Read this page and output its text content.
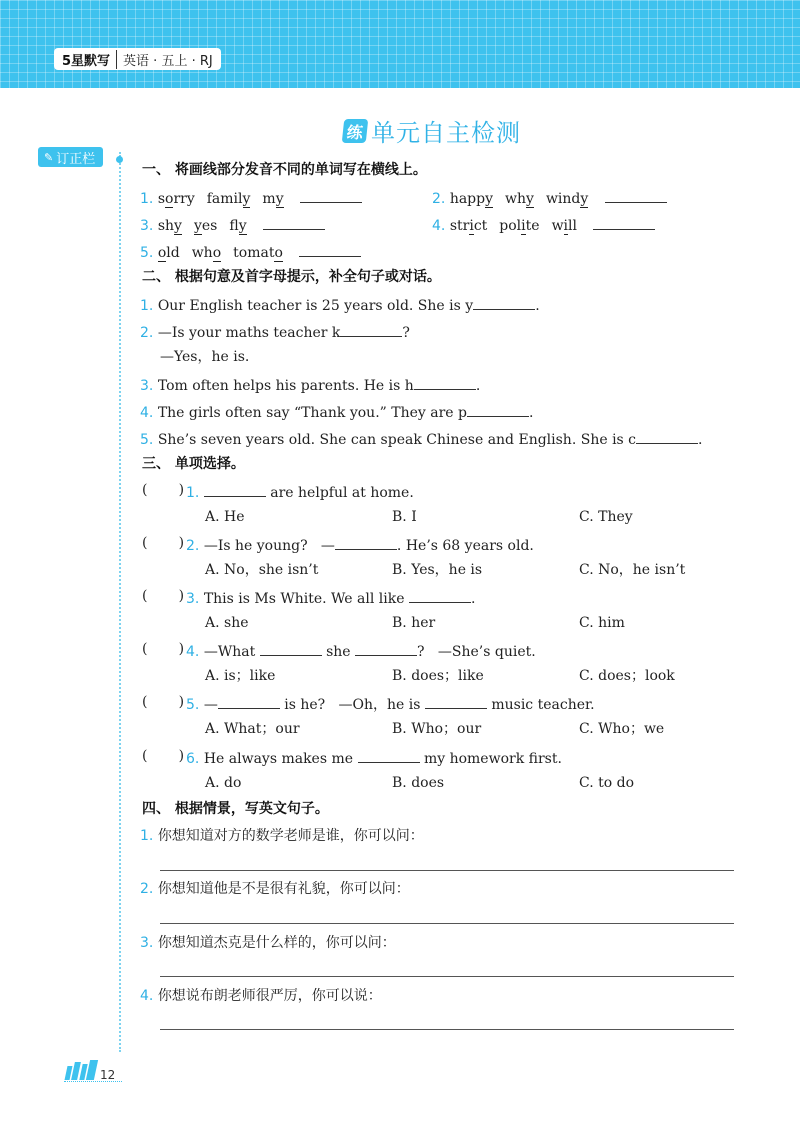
5星默写	英语 · 五上 · RJ
练 单元自主检测
✎ 订正栏
一、 将画线部分发音不同的单词写在横线上。
1. sorry family my	2. happy why windy
3. shy yes fly	4. strict polite will
5. old who tomato
二、 根据句意及首字母提示，补全句子或对话。
1. Our English teacher is 25 years old. She is y	.
2. —Is your maths teacher k	?
—Yes，he is.
3. Tom often helps his parents. He is h	.
4. The girls often say “Thank you.” They are p	.
5. She’s seven years old. She can speak Chinese and English. She is c	.
三、 单项选择。
(       ) 1.	are helpful at home.
A. He	B. I	C. They
(       ) 2. —Is he young?   —	. He’s 68 years old.
A. No，she isn’t	B. Yes，he is	C. No，he isn’t
(       ) 3. This is Ms White. We all like	.
A. she	B. her	C. him
(       ) 4. —What	she	?   —She’s quiet.
A. is；like	B. does；like	C. does；look
(       ) 5. —	is he?   —Oh，he is	music teacher.
A. What；our	B. Who；our	C. Who；we
(       ) 6. He always makes me	my homework first.
A. do	B. does	C. to do
四、 根据情景，写英文句子。
1. 你想知道对方的数学老师是谁，你可以问：
2. 你想知道他是不是很有礼貌，你可以问：
3. 你想知道杰克是什么样的，你可以问：
4. 你想说布朗老师很严厉，你可以说：
12
